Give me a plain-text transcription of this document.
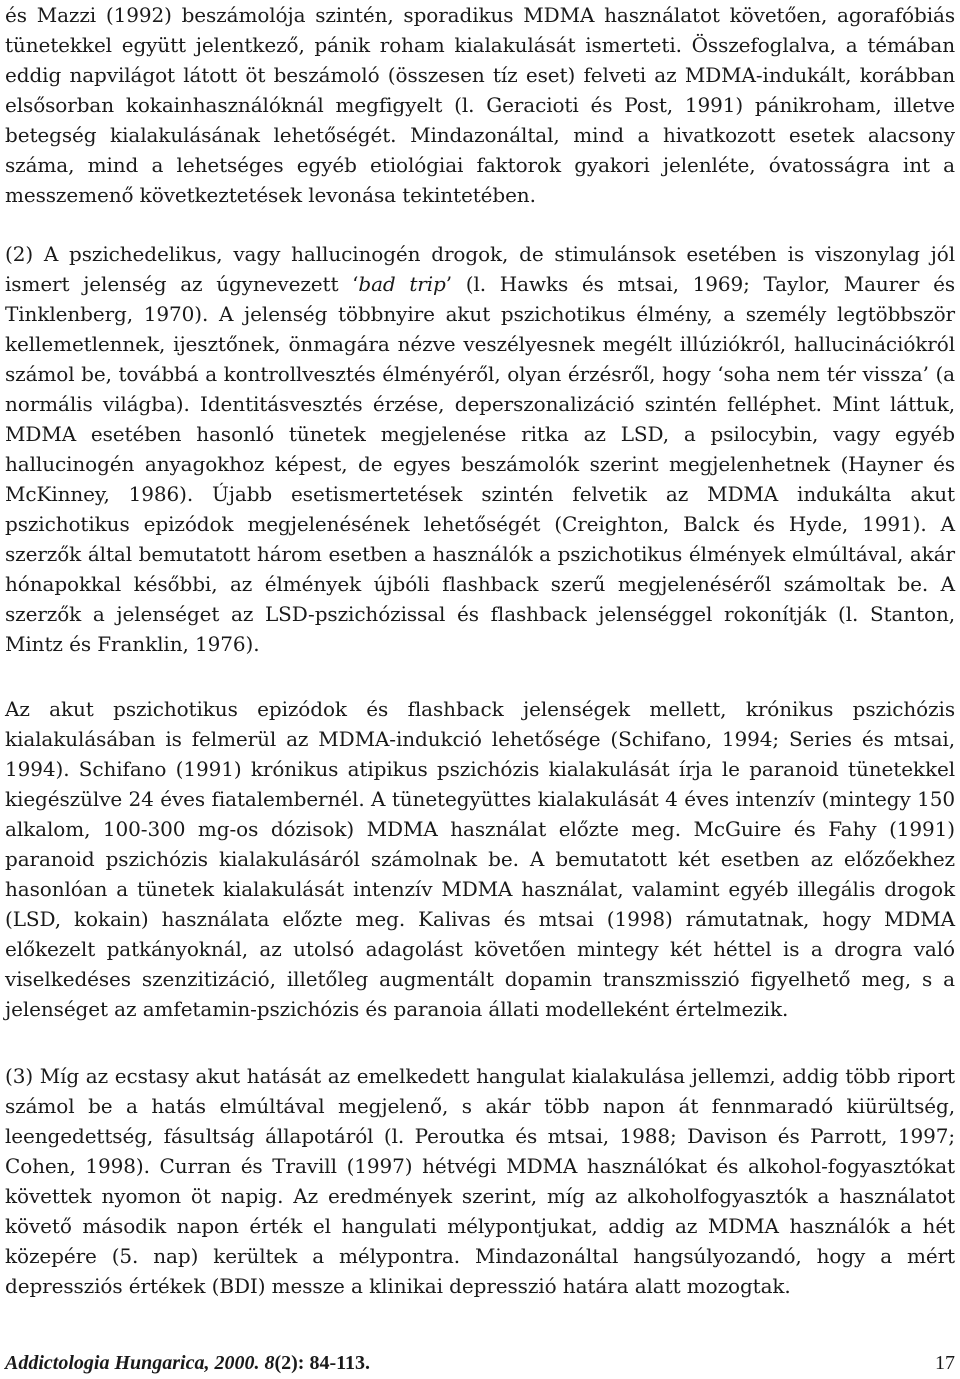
és Mazzi (1992) beszámolója szintén, sporadikus MDMA használatot követően, agorafóbiás tünetekkel együtt jelentkező, pánik roham kialakulását ismerteti. Összefoglalva, a témában eddig napvilágot látott öt beszámoló (összesen tíz eset) felveti az MDMA-indukált, korábban elsősorban kokainhasználóknál megfigyelt (l. Geracioti és Post, 1991) pánikroham, illetve betegség kialakulásának lehetőségét. Mindazonáltal, mind a hivatkozott esetek alacsony száma, mind a lehetséges egyéb etiológiai faktorok gyakori jelenléte, óvatosságra int a messzemenő következtetések levonása tekintetében.

(2) A pszichedelikus, vagy hallucinogén drogok, de stimulánsok esetében is viszonylag jól ismert jelenség az úgynevezett ‘bad trip’ (l. Hawks és mtsai, 1969; Taylor, Maurer és Tinklenberg, 1970). A jelenség többnyire akut pszichotikus élmény, a személy legtöbbször kellemetlennek, ijesztőnek, önmagára nézve veszélyesnek megélt illúziókról, hallucinációkról számol be, továbbá a kontrollvesztés élményéről, olyan érzésről, hogy ‘soha nem tér vissza’ (a normális világba). Identitásvesztés érzése, deperszonalizáció szintén felléphet. Mint láttuk, MDMA esetében hasonló tünetek megjelenése ritka az LSD, a psilocybin, vagy egyéb hallucinogén anyagokhoz képest, de egyes beszámolók szerint megjelenhetnek (Hayner és McKinney, 1986). Újabb esetismertetések szintén felvetik az MDMA indukálta akut pszichotikus epizódok megjelenésének lehetőségét (Creighton, Balck és Hyde, 1991). A szerzők által bemutatott három esetben a használók a pszichotikus élmények elmúltával, akár hónapokkal későbbi, az élmények újbóli flashback szerű megjelenéséről számoltak be. A szerzők a jelenséget az LSD-pszichózissal és flashback jelenséggel rokonítják (l. Stanton, Mintz és Franklin, 1976).

Az akut pszichotikus epizódok és flashback jelenségek mellett, krónikus pszichózis kialakulásában is felmerül az MDMA-indukció lehetősége (Schifano, 1994; Series és mtsai, 1994). Schifano (1991) krónikus atipikus pszichózis kialakulását írja le paranoid tünetekkel kiegészülve 24 éves fiatalembernél. A tünetegyüttes kialakulását 4 éves intenzív (mintegy 150 alkalom, 100-300 mg-os dózisok) MDMA használat előzte meg. McGuire és Fahy (1991) paranoid pszichózis kialakulásáról számolnak be. A bemutatott két esetben az előzőekhez hasonlóan a tünetek kialakulását intenzív MDMA használat, valamint egyéb illegális drogok (LSD, kokain) használata előzte meg. Kalivas és mtsai (1998) rámutatnak, hogy MDMA előkezelt patkányoknál, az utolsó adagolást követően mintegy két héttel is a drogra való viselkedéses szenzitizáció, illetőleg augmentált dopamin transzmisszió figyelhető meg, s a jelenséget az amfetamin-pszichózis és paranoia állati modelleként értelmezik.

(3) Míg az ecstasy akut hatását az emelkedett hangulat kialakulása jellemzi, addig több riport számol be a hatás elmúltával megjelenő, s akár több napon át fennmaradó kiürültség, leengedettség, fásultság állapotáról (l. Peroutka és mtsai, 1988; Davison és Parrott, 1997; Cohen, 1998). Curran és Travill (1997) hétvégi MDMA használókat és alkohol-fogyasztókat követtek nyomon öt napig. Az eredmények szerint, míg az alkoholfogyasztók a használatot követő második napon érték el hangulati mélypontjukat, addig az MDMA használók a hét közepére (5. nap) kerültek a mélypontra. Mindazonáltal hangsúlyozandó, hogy a mért depressziós értékek (BDI) messze a klinikai depresszió határa alatt mozogtak.

Addictologia Hungarica, 2000. 8(2): 84-113.	17
